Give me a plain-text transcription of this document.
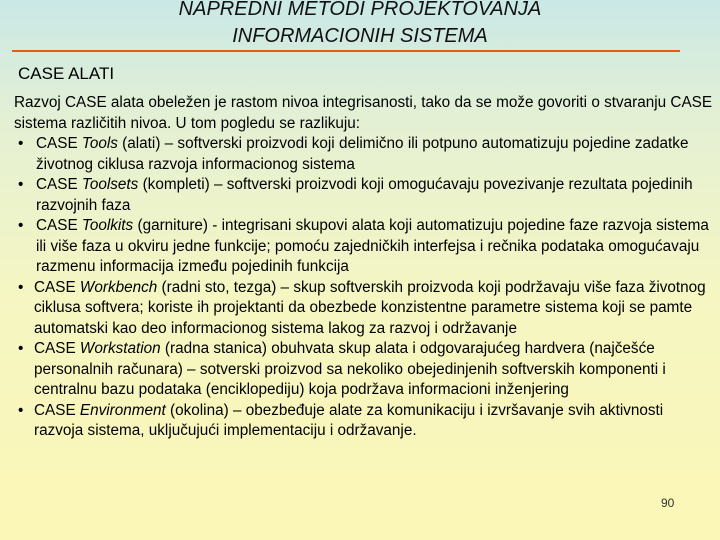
NAPREDNI METODI PROJEKTOVANJA
INFORMACIONIH SISTEMA
CASE ALATI
Razvoj CASE alata obeležen je rastom nivoa integrisanosti, tako da se može govoriti o stvaranju CASE sistema različitih nivoa. U tom pogledu se razlikuju:
• CASE Tools (alati) – softverski proizvodi koji delimično ili potpuno automatizuju pojedine zadatke životnog ciklusa razvoja informacionog sistema
• CASE Toolsets (kompleti) – softverski proizvodi koji omogućavaju povezivanje rezultata pojedinih razvojnih faza
• CASE Toolkits (garniture) - integrisani skupovi alata koji automatizuju pojedine faze razvoja sistema ili više faza u okviru jedne funkcije; pomoću zajedničkih interfejsa i rečnika podataka omogućavaju razmenu informacija između pojedinih funkcija
• CASE Workbench (radni sto, tezga) – skup softverskih proizvoda koji podržavaju više faza životnog ciklusa softvera; koriste ih projektanti da obezbede konzistentne parametre sistema koji se pamte automatski kao deo informacionog sistema lakog za razvoj i održavanje
• CASE Workstation (radna stanica) obuhvata skup alata i odgovarajućeg hardvera (najčešće personalnih računara) – sotverski proizvod sa nekoliko obejedinjenih softverskih komponenti i centralnu bazu podataka (enciklopediju) koja podržava informacioni inženjering
• CASE Environment (okolina) – obezbeđuje alate za komunikaciju i izvršavanje svih aktivnosti razvoja sistema, uključujući implementaciju i održavanje.
90
